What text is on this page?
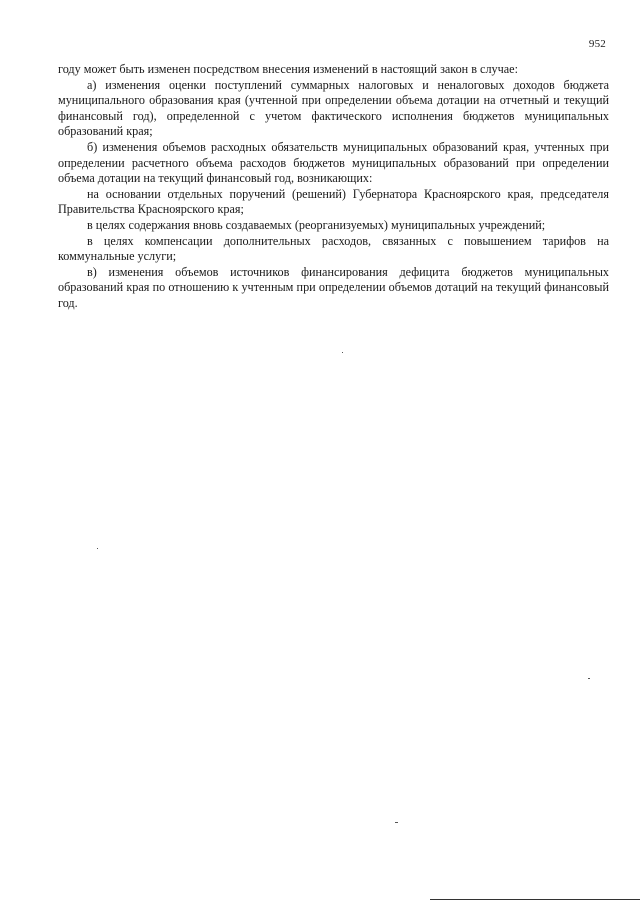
952

году может быть изменен посредством внесения изменений в настоящий закон в случае:

а) изменения оценки поступлений суммарных налоговых и неналоговых доходов бюджета муниципального образования края (учтенной при определении объема дотации на отчетный и текущий финансовый год), определенной с учетом фактического исполнения бюджетов муниципальных образований края;

б) изменения объемов расходных обязательств муниципальных образований края, учтенных при определении расчетного объема расходов бюджетов муниципальных образований при определении объема дотации на текущий финансовый год, возникающих:

на основании отдельных поручений (решений) Губернатора Красноярского края, председателя Правительства Красноярского края;

в целях содержания вновь создаваемых (реорганизуемых) муниципальных учреждений;

в целях компенсации дополнительных расходов, связанных с повышением тарифов на коммунальные услуги;

в) изменения объемов источников финансирования дефицита бюджетов муниципальных образований края по отношению к учтенным при определении объемов дотаций на текущий финансовый год.
